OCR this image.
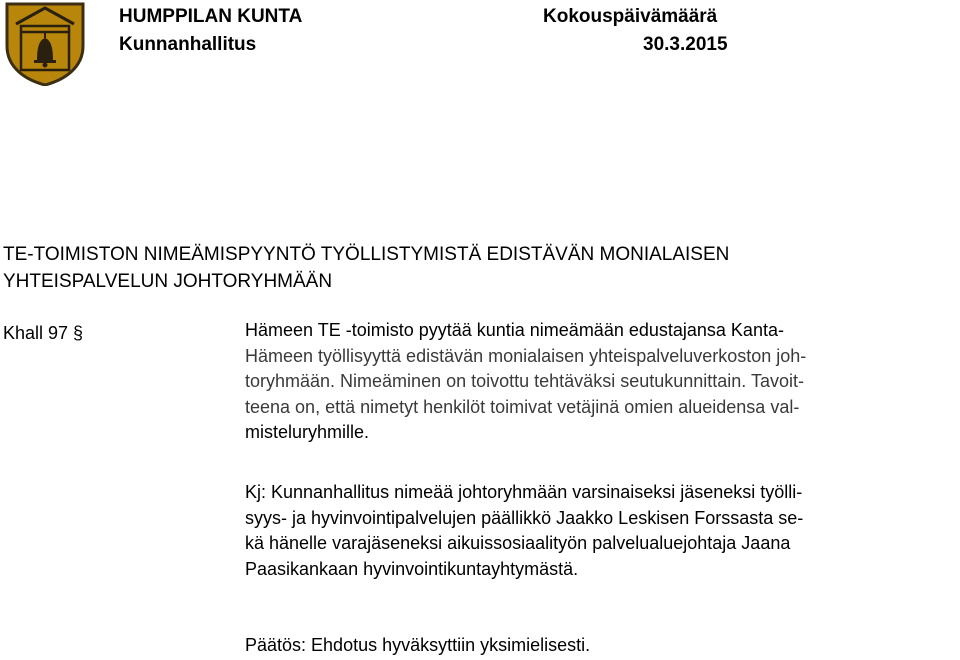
HUMPPILAN KUNTA
Kunnanhallitus
Kokouspäivämäärä
30.3.2015
TE-TOIMISTON NIMEÄMISPYYNTÖ TYÖLLISTYMISTÄ EDISTÄVÄN MONIALAISEN
YHTEISPALVELUN JOHTORYHMÄÄN
Khall 97 §	Hämeen TE -toimisto pyytää kuntia nimeämään edustajansa Kanta-
Hämeen työllisyyttä edistävän monialaisen yhteispalveluverkoston joh-
toryhmään. Nimeäminen on toivottu tehtäväksi seutukunnittain. Tavoit-
teena on, että nimetyt henkilöt toimivat vetäjinä omien alueidensa val-
misteluryhmille.
Kj: Kunnanhallitus nimeää johtoryhmään varsinaiseksi jäseneksi työlli-
syys- ja hyvinvointipalvelujen päällikkö Jaakko Leskisen Forssasta se-
kä hänelle varajäseneksi aikuissosiaalityön palvelualuejohtaja Jaana
Paasikankaan hyvinvointikuntayhtymästä.
Päätös: Ehdotus hyväksyttiin yksimielisesti.
